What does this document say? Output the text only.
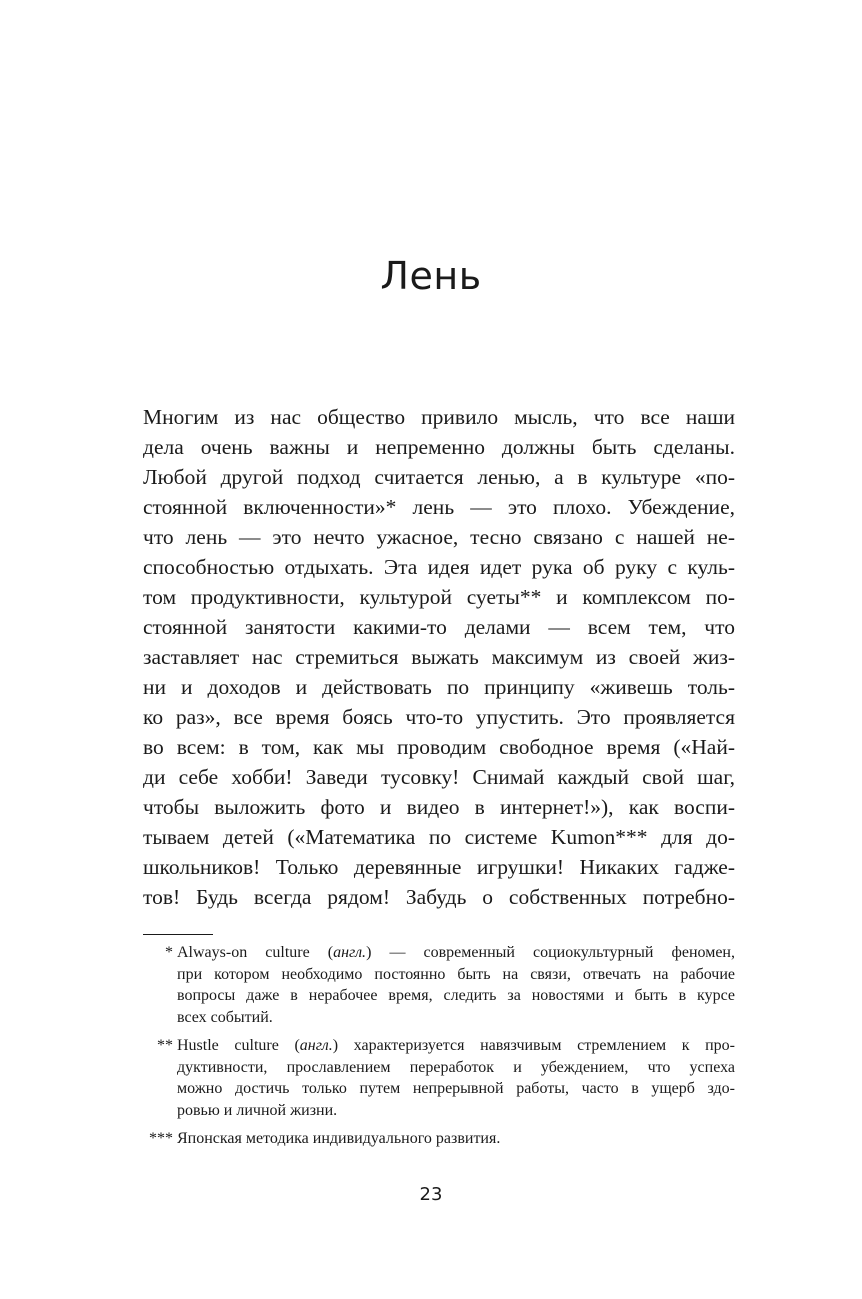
Лень
Многим из нас общество привило мысль, что все наши
дела очень важны и непременно должны быть сделаны.
Любой другой подход считается ленью, а в культуре «по-
стоянной включенности»* лень — это плохо. Убеждение,
что лень — это нечто ужасное, тесно связано с нашей не-
способностью отдыхать. Эта идея идет рука об руку с куль-
том продуктивности, культурой суеты** и комплексом по-
стоянной занятости какими-то делами — всем тем, что
заставляет нас стремиться выжать максимум из своей жиз-
ни и доходов и действовать по принципу «живешь толь-
ко раз», все время боясь что-то упустить. Это проявляется
во всем: в том, как мы проводим свободное время («Най-
ди себе хобби! Заведи тусовку! Снимай каждый свой шаг,
чтобы выложить фото и видео в интернет!»), как воспи-
тываем детей («Математика по системе Kumon*** для до-
школьников! Только деревянные игрушки! Никаких гадже-
тов! Будь всегда рядом! Забудь о собственных потребно-
* Always-on culture (англ.) — современный социокультурный феномен,
при котором необходимо постоянно быть на связи, отвечать на рабочие
вопросы даже в нерабочее время, следить за новостями и быть в курсе
всех событий.
** Hustle culture (англ.) характеризуется навязчивым стремлением к про-
дуктивности, прославлением переработок и убеждением, что успеха
можно достичь только путем непрерывной работы, часто в ущерб здо-
ровью и личной жизни.
*** Японская методика индивидуального развития.
23
